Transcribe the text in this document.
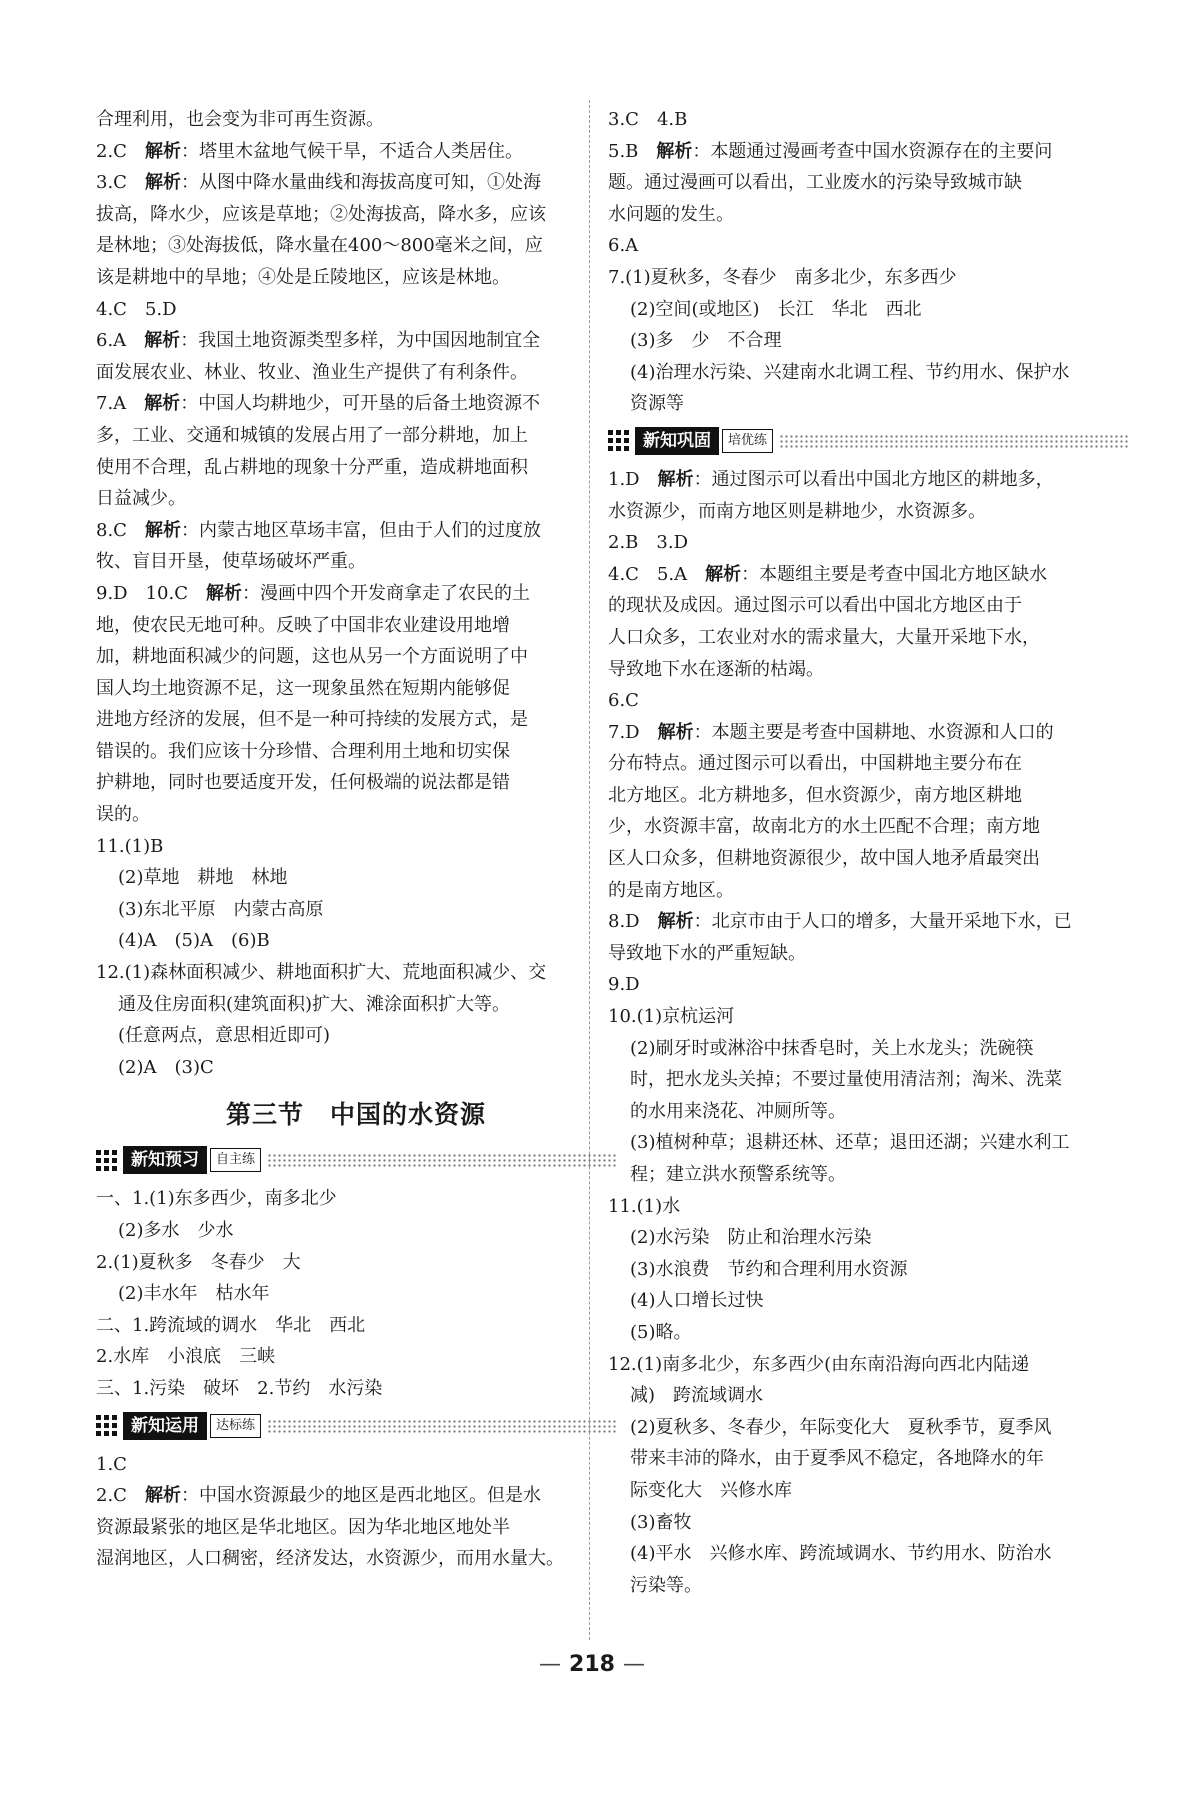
合理利用，也会变为非可再生资源。
2.C　解析：塔里木盆地气候干旱，不适合人类居住。
3.C　解析：从图中降水量曲线和海拔高度可知，①处海
拔高，降水少，应该是草地；②处海拔高，降水多，应该
是林地；③处海拔低，降水量在400～800毫米之间，应
该是耕地中的旱地；④处是丘陵地区，应该是林地。
4.C　5.D
6.A　解析：我国土地资源类型多样，为中国因地制宜全
面发展农业、林业、牧业、渔业生产提供了有利条件。
7.A　解析：中国人均耕地少，可开垦的后备土地资源不
多，工业、交通和城镇的发展占用了一部分耕地，加上
使用不合理，乱占耕地的现象十分严重，造成耕地面积
日益减少。
8.C　解析：内蒙古地区草场丰富，但由于人们的过度放
牧、盲目开垦，使草场破坏严重。
9.D　10.C　解析：漫画中四个开发商拿走了农民的土
地，使农民无地可种。反映了中国非农业建设用地增
加，耕地面积减少的问题，这也从另一个方面说明了中
国人均土地资源不足，这一现象虽然在短期内能够促
进地方经济的发展，但不是一种可持续的发展方式，是
错误的。我们应该十分珍惜、合理利用土地和切实保
护耕地，同时也要适度开发，任何极端的说法都是错
误的。
11.(1)B
(2)草地　耕地　林地
(3)东北平原　内蒙古高原
(4)A　(5)A　(6)B
12.(1)森林面积减少、耕地面积扩大、荒地面积减少、交
通及住房面积(建筑面积)扩大、滩涂面积扩大等。
(任意两点，意思相近即可)
(2)A　(3)C
第三节　中国的水资源
新知预习	自主练
一、1.(1)东多西少，南多北少
(2)多水　少水
2.(1)夏秋多　冬春少　大
(2)丰水年　枯水年
二、1.跨流域的调水　华北　西北
2.水库　小浪底　三峡
三、1.污染　破坏　2.节约　水污染
新知运用	达标练
1.C
2.C　解析：中国水资源最少的地区是西北地区。但是水
资源最紧张的地区是华北地区。因为华北地区地处半
湿润地区，人口稠密，经济发达，水资源少，而用水量大。
3.C　4.B
5.B　解析：本题通过漫画考查中国水资源存在的主要问
题。通过漫画可以看出，工业废水的污染导致城市缺
水问题的发生。
6.A
7.(1)夏秋多，冬春少　南多北少，东多西少
(2)空间(或地区)　长江　华北　西北
(3)多　少　不合理
(4)治理水污染、兴建南水北调工程、节约用水、保护水
资源等
新知巩固	培优练
1.D　解析：通过图示可以看出中国北方地区的耕地多，
水资源少，而南方地区则是耕地少，水资源多。
2.B　3.D
4.C　5.A　解析：本题组主要是考查中国北方地区缺水
的现状及成因。通过图示可以看出中国北方地区由于
人口众多，工农业对水的需求量大，大量开采地下水，
导致地下水在逐渐的枯竭。
6.C
7.D　解析：本题主要是考查中国耕地、水资源和人口的
分布特点。通过图示可以看出，中国耕地主要分布在
北方地区。北方耕地多，但水资源少，南方地区耕地
少，水资源丰富，故南北方的水土匹配不合理；南方地
区人口众多，但耕地资源很少，故中国人地矛盾最突出
的是南方地区。
8.D　解析：北京市由于人口的增多，大量开采地下水，已
导致地下水的严重短缺。
9.D
10.(1)京杭运河
(2)刷牙时或淋浴中抹香皂时，关上水龙头；洗碗筷
时，把水龙头关掉；不要过量使用清洁剂；淘米、洗菜
的水用来浇花、冲厕所等。
(3)植树种草；退耕还林、还草；退田还湖；兴建水利工
程；建立洪水预警系统等。
11.(1)水
(2)水污染　防止和治理水污染
(3)水浪费　节约和合理利用水资源
(4)人口增长过快
(5)略。
12.(1)南多北少，东多西少(由东南沿海向西北内陆递
减)　跨流域调水
(2)夏秋多、冬春少，年际变化大　夏秋季节，夏季风
带来丰沛的降水，由于夏季风不稳定，各地降水的年
际变化大　兴修水库
(3)畜牧
(4)平水　兴修水库、跨流域调水、节约用水、防治水
污染等。
— 218 —
